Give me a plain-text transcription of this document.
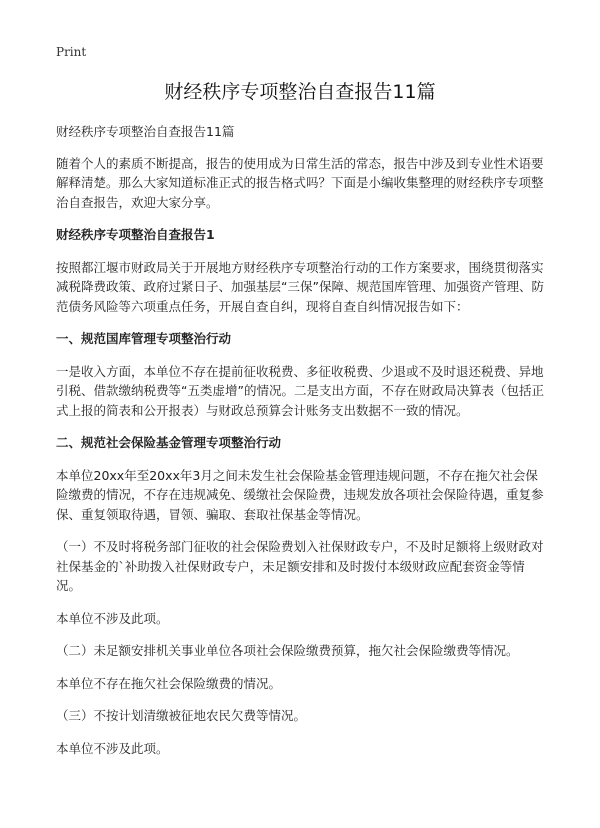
Print
财经秩序专项整治自查报告11篇

财经秩序专项整治自查报告11篇

随着个人的素质不断提高，报告的使用成为日常生活的常态，报告中涉及到专业性术语要解释清楚。那么大家知道标准正式的报告格式吗？下面是小编收集整理的财经秩序专项整治自查报告，欢迎大家分享。

财经秩序专项整治自查报告1

按照都江堰市财政局关于开展地方财经秩序专项整治行动的工作方案要求，围绕贯彻落实减税降费政策、政府过紧日子、加强基层“三保”保障、规范国库管理、加强资产管理、防范债务风险等六项重点任务，开展自查自纠，现将自查自纠情况报告如下：

一、规范国库管理专项整治行动

一是收入方面，本单位不存在提前征收税费、多征收税费、少退或不及时退还税费、异地引税、借款缴纳税费等“五类虚增”的情况。二是支出方面，不存在财政局决算表（包括正式上报的简表和公开报表）与财政总预算会计账务支出数据不一致的情况。

二、规范社会保险基金管理专项整治行动

本单位20xx年至20xx年3月之间未发生社会保险基金管理违规问题，不存在拖欠社会保险缴费的情况，不存在违规减免、缓缴社会保险费，违规发放各项社会保险待遇，重复参保、重复领取待遇，冒领、骗取、套取社保基金等情况。

（一）不及时将税务部门征收的社会保险费划入社保财政专户，不及时足额将上级财政对社保基金的`补助拨入社保财政专户，未足额安排和及时拨付本级财政应配套资金等情况。

本单位不涉及此项。

（二）未足额安排机关事业单位各项社会保险缴费预算，拖欠社会保险缴费等情况。

本单位不存在拖欠社会保险缴费的情况。

（三）不按计划清缴被征地农民欠费等情况。

本单位不涉及此项。
